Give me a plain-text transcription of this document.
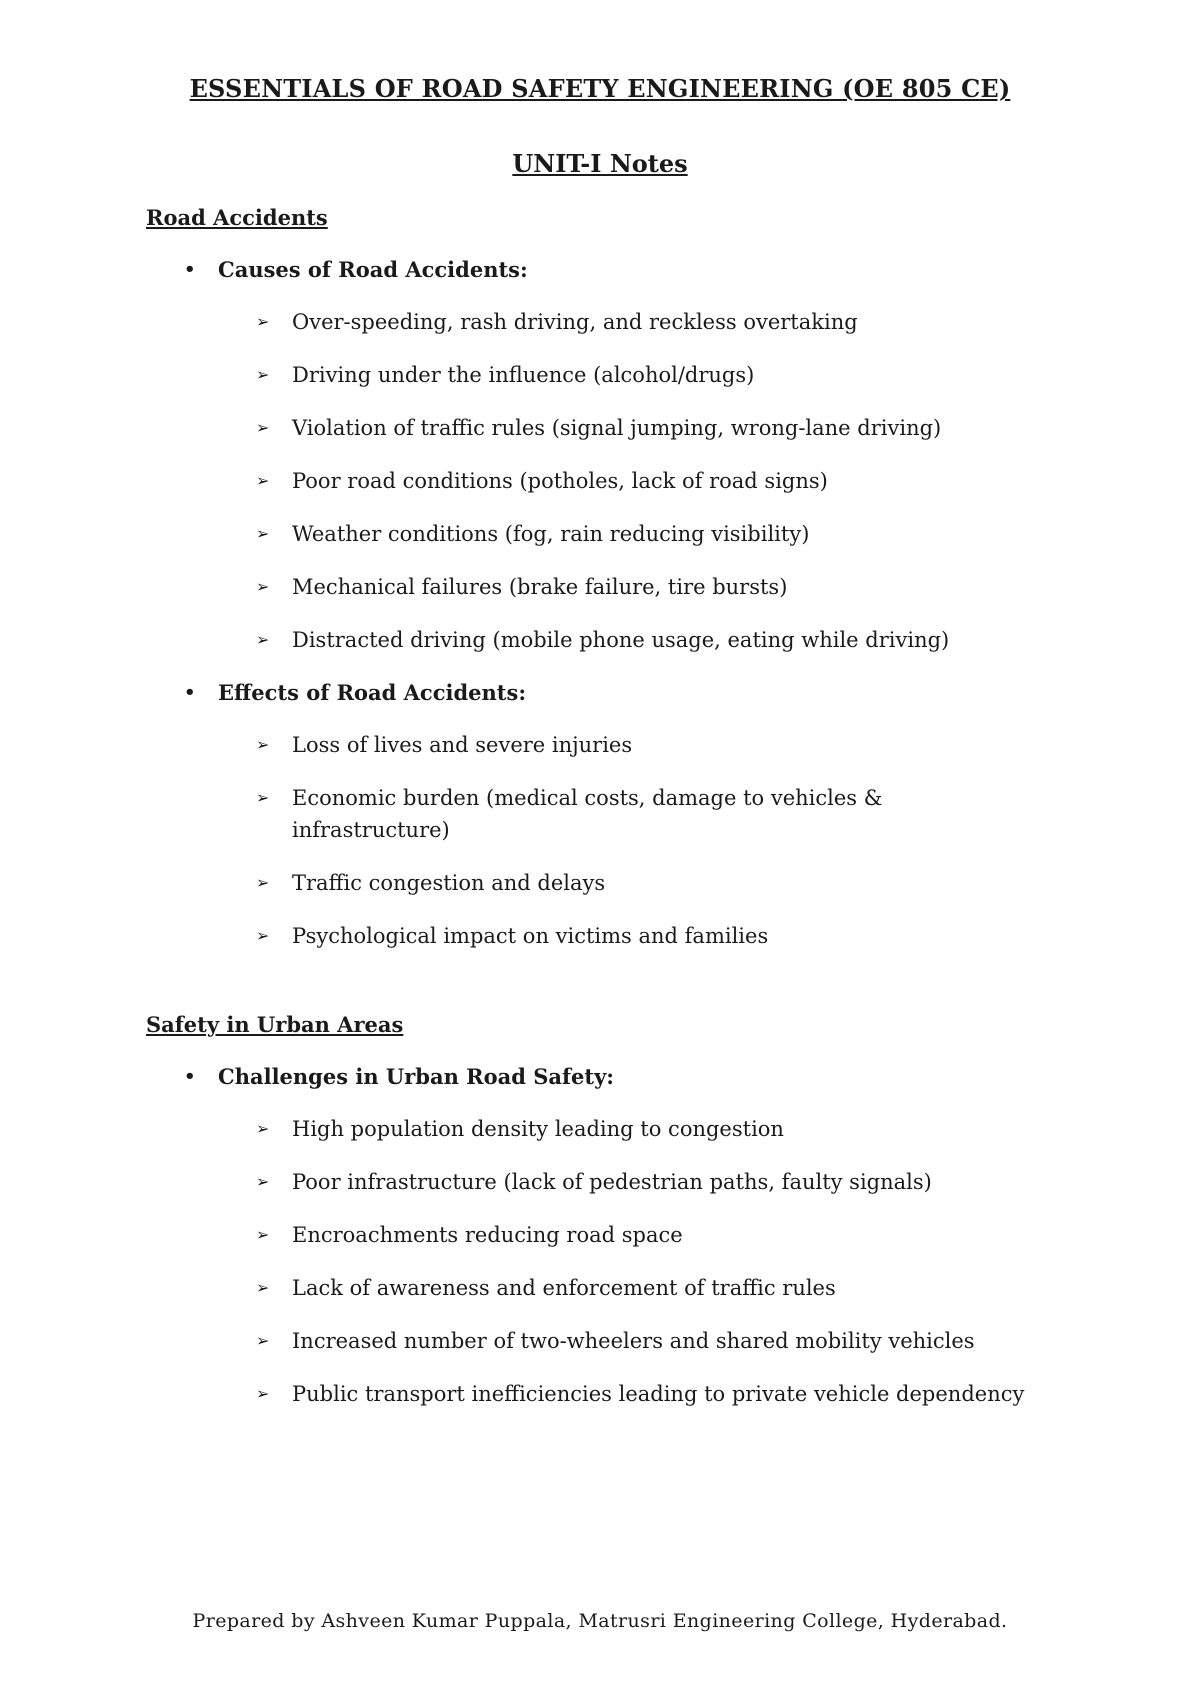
ESSENTIALS OF ROAD SAFETY ENGINEERING (OE 805 CE)
UNIT-I Notes
Road Accidents

• Causes of Road Accidents:

➢ Over-speeding, rash driving, and reckless overtaking
➢ Driving under the influence (alcohol/drugs)
➢ Violation of traffic rules (signal jumping, wrong-lane driving)
➢ Poor road conditions (potholes, lack of road signs)
➢ Weather conditions (fog, rain reducing visibility)
➢ Mechanical failures (brake failure, tire bursts)
➢ Distracted driving (mobile phone usage, eating while driving)

• Effects of Road Accidents:

➢ Loss of lives and severe injuries
➢ Economic burden (medical costs, damage to vehicles & infrastructure)
➢ Traffic congestion and delays
➢ Psychological impact on victims and families
Safety in Urban Areas

• Challenges in Urban Road Safety:

➢ High population density leading to congestion
➢ Poor infrastructure (lack of pedestrian paths, faulty signals)
➢ Encroachments reducing road space
➢ Lack of awareness and enforcement of traffic rules
➢ Increased number of two-wheelers and shared mobility vehicles
➢ Public transport inefficiencies leading to private vehicle dependency

Prepared by Ashveen Kumar Puppala, Matrusri Engineering College, Hyderabad.
